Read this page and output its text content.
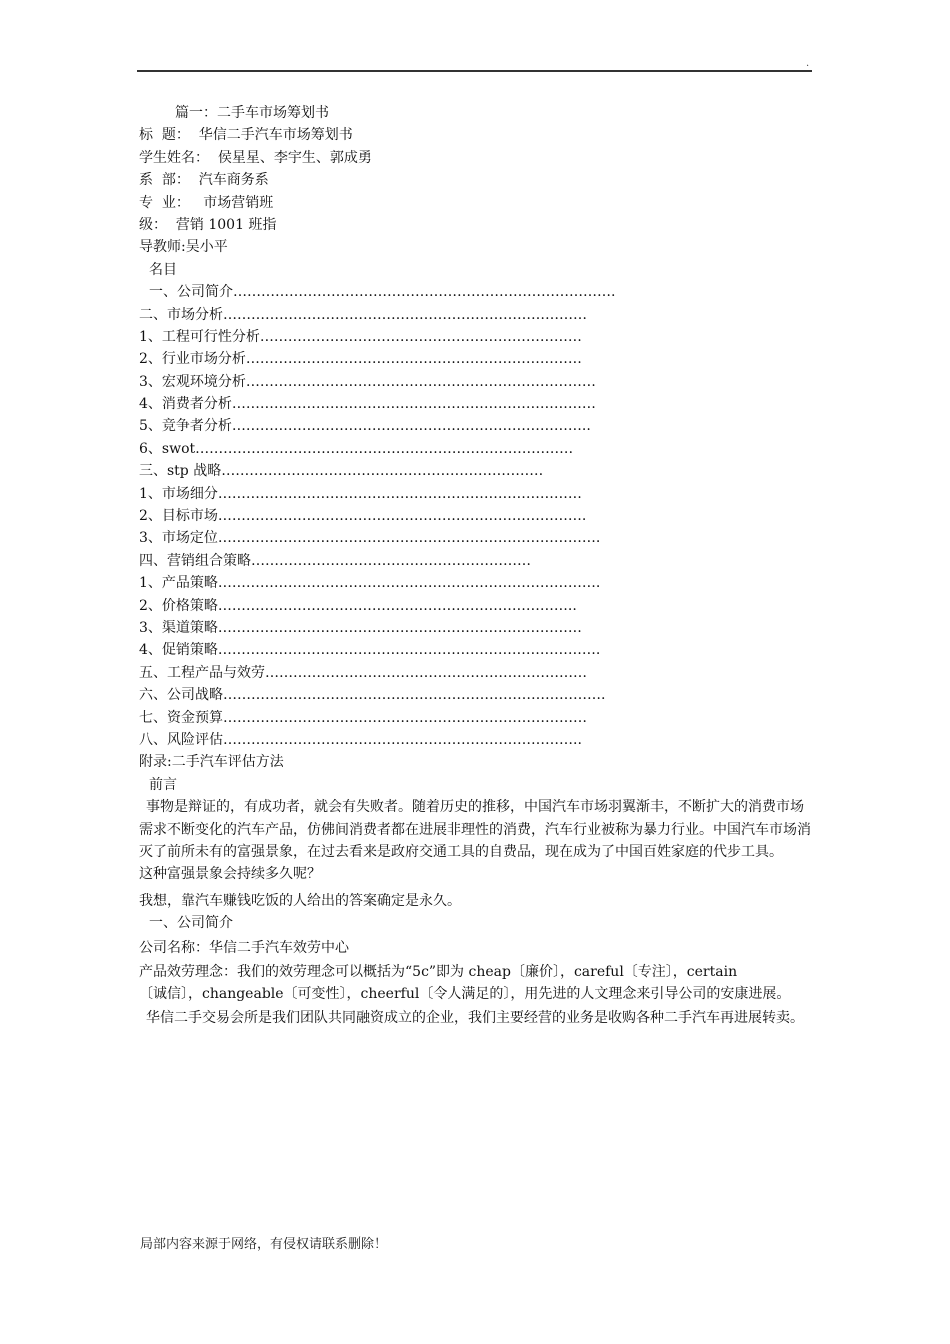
.
篇一：二手车市场筹划书
标  题：  华信二手汽车市场筹划书
学生姓名：  侯星星、李宇生、郭成勇
系  部：  汽车商务系
专  业：   市场营销班
级：  营销 1001 班指
导教师:吴小平
名目
一、公司简介……………………………………………………………………….
二、市场分析……………………………………………………………………
1、工程可行性分析……………………………………………………………
2、行业市场分析………………………………………………………………
3、宏观环境分析…………………………………………………………………
4、消费者分析……………………………………………………………………
5、竞争者分析…………………………………………………………………..
6、swot………………………………………………………………………
三、stp 战略……………………………………………………………
1、市场细分……………………………………………………………………
2、目标市场…………………………………………………………………….
3、市场定位……………………………………………………………………….
四、营销组合策略……………………………………………………
1、产品策略……………………………………………………………………….
2、价格策略…………………………………………………………………..
3、渠道策略……………………………………………………………………
4、促销策略……………………………………………………………………….
五、工程产品与效劳……………………………………………………………
六、公司战略……………………………………………………………………….
七、资金预算……………………………………………………………………
八、风险评估…………………………………………………………………..
附录:二手汽车评估方法
前言

事物是辩证的，有成功者，就会有失败者。随着历史的推移，中国汽车市场羽翼渐丰，不断扩大的消费市场需求不断变化的汽车产品，仿佛间消费者都在进展非理性的消费，汽车行业被称为暴力行业。中国汽车市场消灭了前所未有的富强景象，在过去看来是政府交通工具的自费品，现在成为了中国百姓家庭的代步工具。

这种富强景象会持续多久呢？

我想，靠汽车赚钱吃饭的人给出的答案确定是永久。

一、公司简介
公司名称：华信二手汽车效劳中心

产品效劳理念：我们的效劳理念可以概括为“5c”即为 cheap〔廉价〕，careful〔专注〕，certain

〔诚信〕，changeable〔可变性〕，cheerful〔令人满足的〕，用先进的人文理念来引导公司的安康进展。

华信二手交易会所是我们团队共同融资成立的企业，我们主要经营的业务是收购各种二手汽车再进展转卖。

局部内容来源于网络，有侵权请联系删除！
